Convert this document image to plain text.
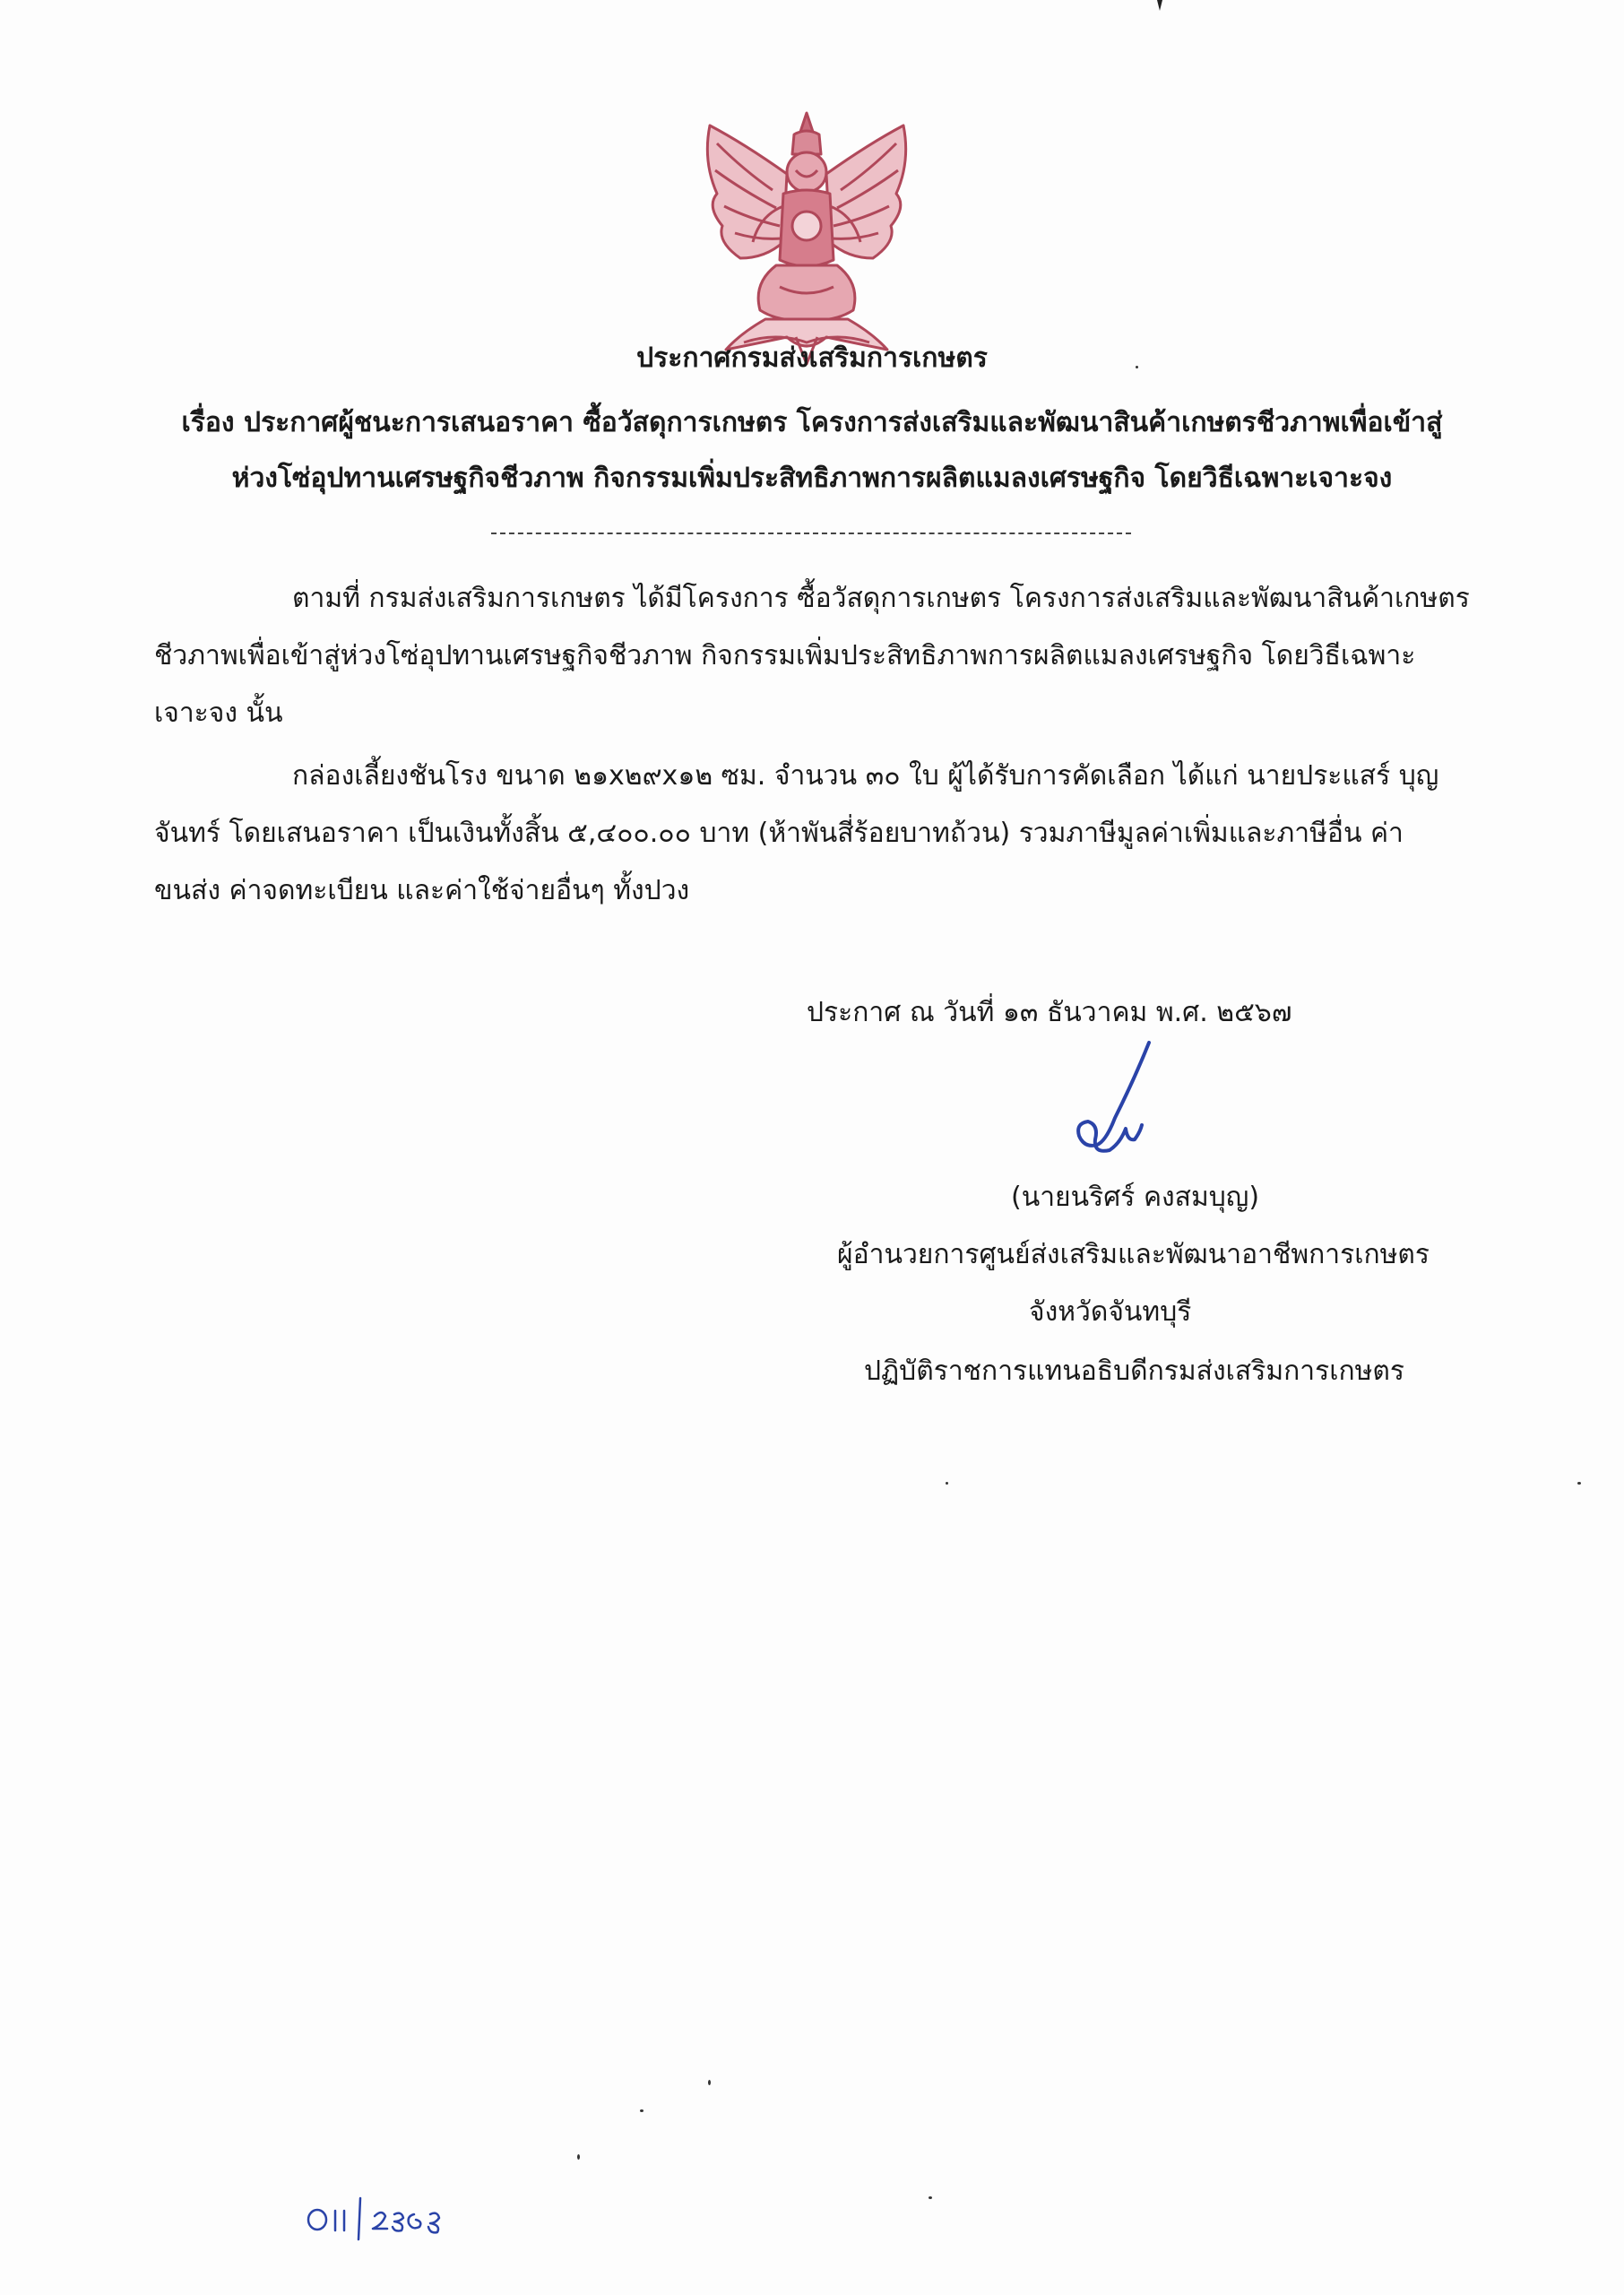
ประกาศกรมส่งเสริมการเกษตร
เรื่อง ประกาศผู้ชนะการเสนอราคา ซื้อวัสดุการเกษตร โครงการส่งเสริมและพัฒนาสินค้าเกษตรชีวภาพเพื่อเข้าสู่
ห่วงโซ่อุปทานเศรษฐกิจชีวภาพ กิจกรรมเพิ่มประสิทธิภาพการผลิตแมลงเศรษฐกิจ โดยวิธีเฉพาะเจาะจง
ตามที่ กรมส่งเสริมการเกษตร ได้มีโครงการ ซื้อวัสดุการเกษตร โครงการส่งเสริมและพัฒนาสินค้าเกษตร
ชีวภาพเพื่อเข้าสู่ห่วงโซ่อุปทานเศรษฐกิจชีวภาพ กิจกรรมเพิ่มประสิทธิภาพการผลิตแมลงเศรษฐกิจ โดยวิธีเฉพาะ
เจาะจง นั้น
กล่องเลี้ยงชันโรง ขนาด ๒๑x๒๙x๑๒ ซม. จำนวน ๓๐ ใบ ผู้ได้รับการคัดเลือก ได้แก่ นายประแสร์ บุญ
จันทร์ โดยเสนอราคา เป็นเงินทั้งสิ้น ๕,๔๐๐.๐๐ บาท (ห้าพันสี่ร้อยบาทถ้วน) รวมภาษีมูลค่าเพิ่มและภาษีอื่น ค่า
ขนส่ง ค่าจดทะเบียน และค่าใช้จ่ายอื่นๆ ทั้งปวง
ประกาศ ณ วันที่ ๑๓ ธันวาคม พ.ศ. ๒๕๖๗
(นายนริศร์ คงสมบุญ)
ผู้อำนวยการศูนย์ส่งเสริมและพัฒนาอาชีพการเกษตร
จังหวัดจันทบุรี
ปฏิบัติราชการแทนอธิบดีกรมส่งเสริมการเกษตร
